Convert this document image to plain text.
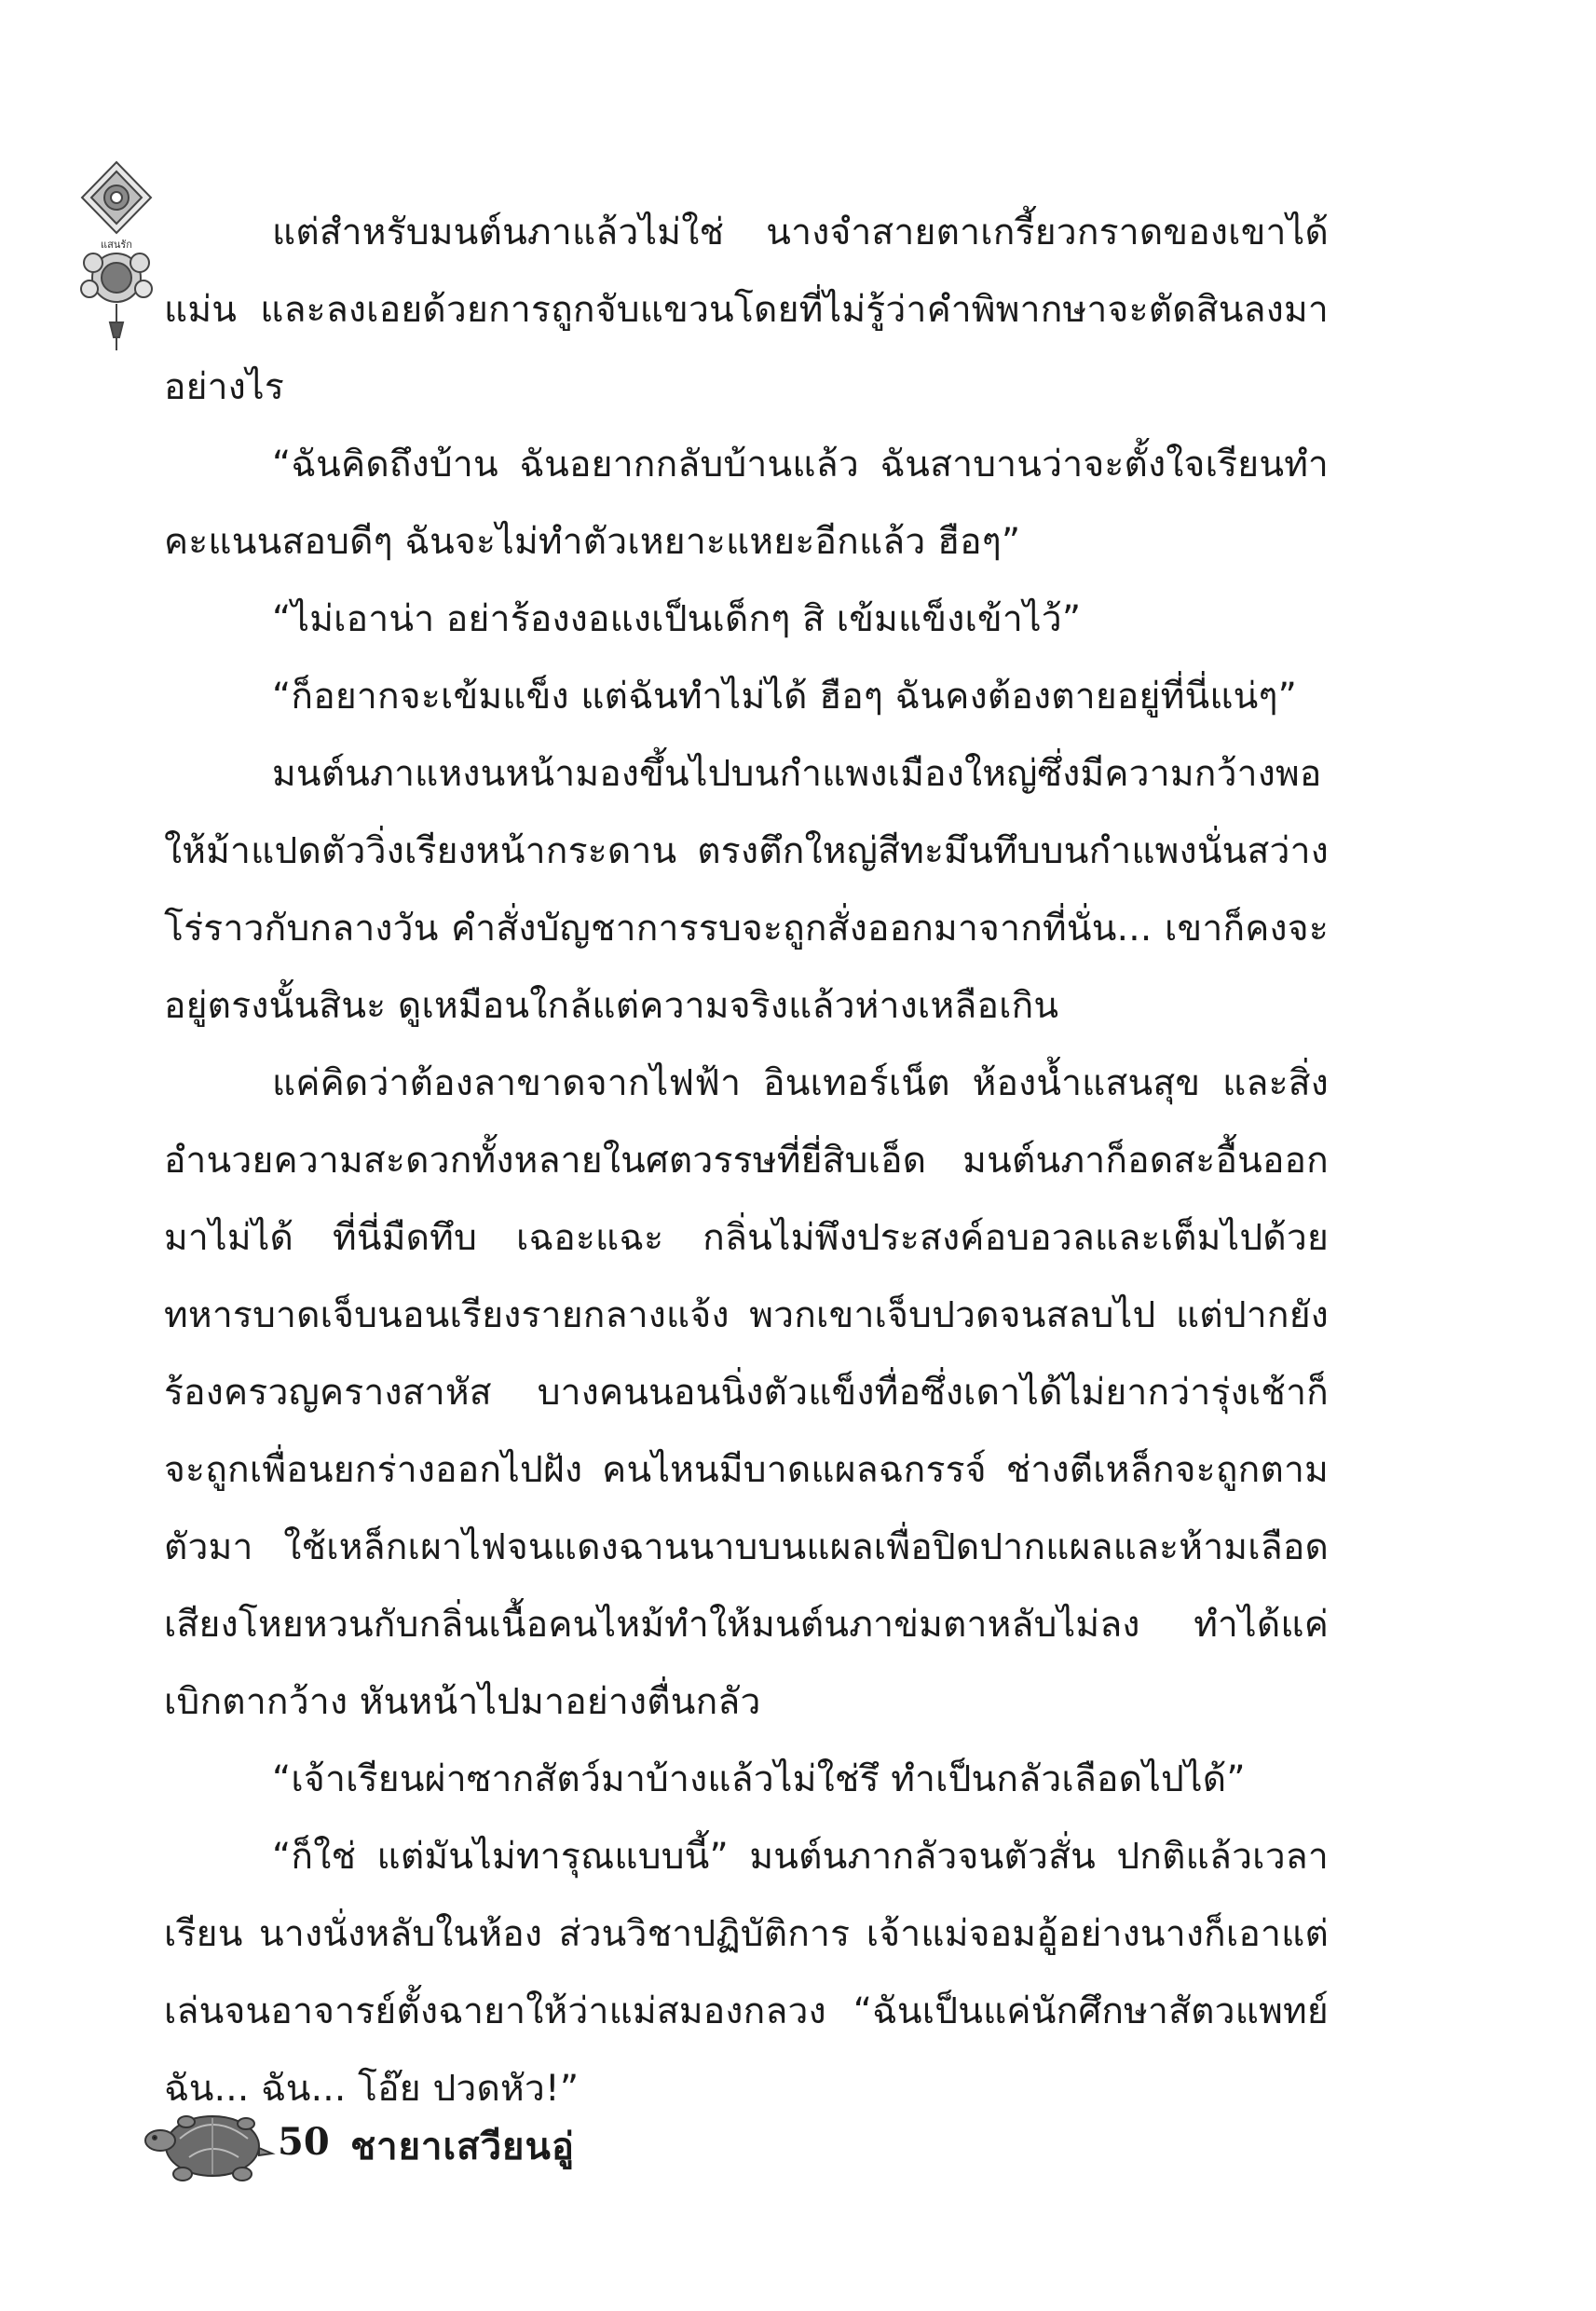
แสนรัก	แต่สำหรับมนต์นภาแล้วไม่ใช่ นางจำสายตาเกรี้ยวกราดของเขาได้แม่น และลงเอยด้วยการถูกจับแขวนโดยที่ไม่รู้ว่าคำพิพากษาจะตัดสินลงมาอย่างไร

“ฉันคิดถึงบ้าน ฉันอยากกลับบ้านแล้ว ฉันสาบานว่าจะตั้งใจเรียนทำคะแนนสอบดีๆ ฉันจะไม่ทำตัวเหยาะแหยะอีกแล้ว ฮือๆ”

“ไม่เอาน่า อย่าร้องงอแงเป็นเด็กๆ สิ เข้มแข็งเข้าไว้”

“ก็อยากจะเข้มแข็ง แต่ฉันทำไม่ได้ ฮือๆ ฉันคงต้องตายอยู่ที่นี่แน่ๆ”

มนต์นภาแหงนหน้ามองขึ้นไปบนกำแพงเมืองใหญ่ซึ่งมีความกว้างพอให้ม้าแปดตัววิ่งเรียงหน้ากระดาน ตรงตึกใหญ่สีทะมึนทึบบนกำแพงนั่นสว่างโร่ราวกับกลางวัน คำสั่งบัญชาการรบจะถูกสั่งออกมาจากที่นั่น... เขาก็คงจะอยู่ตรงนั้นสินะ ดูเหมือนใกล้แต่ความจริงแล้วห่างเหลือเกิน

แค่คิดว่าต้องลาขาดจากไฟฟ้า อินเทอร์เน็ต ห้องน้ำแสนสุข และสิ่งอำนวยความสะดวกทั้งหลายในศตวรรษที่ยี่สิบเอ็ด มนต์นภาก็อดสะอื้นออกมาไม่ได้ ที่นี่มืดทึบ เฉอะแฉะ กลิ่นไม่พึงประสงค์อบอวลและเต็มไปด้วยทหารบาดเจ็บนอนเรียงรายกลางแจ้ง พวกเขาเจ็บปวดจนสลบไป แต่ปากยังร้องครวญครางสาหัส บางคนนอนนิ่งตัวแข็งทื่อซึ่งเดาได้ไม่ยากว่ารุ่งเช้าก็จะถูกเพื่อนยกร่างออกไปฝัง คนไหนมีบาดแผลฉกรรจ์ ช่างตีเหล็กจะถูกตามตัวมา ใช้เหล็กเผาไฟจนแดงฉานนาบบนแผลเพื่อปิดปากแผลและห้ามเลือด เสียงโหยหวนกับกลิ่นเนื้อคนไหม้ทำให้มนต์นภาข่มตาหลับไม่ลง ทำได้แค่เบิกตากว้าง หันหน้าไปมาอย่างตื่นกลัว

“เจ้าเรียนผ่าซากสัตว์มาบ้างแล้วไม่ใช่รึ ทำเป็นกลัวเลือดไปได้”

“ก็ใช่ แต่มันไม่ทารุณแบบนี้” มนต์นภากลัวจนตัวสั่น ปกติแล้วเวลาเรียน นางนั่งหลับในห้อง ส่วนวิชาปฏิบัติการ เจ้าแม่จอมอู้อย่างนางก็เอาแต่เล่นจนอาจารย์ตั้งฉายาให้ว่าแม่สมองกลวง “ฉันเป็นแค่นักศึกษาสัตวแพทย์ ฉัน... ฉัน... โอ๊ย ปวดหัว!”

50 ชายาเสวียนอู่
